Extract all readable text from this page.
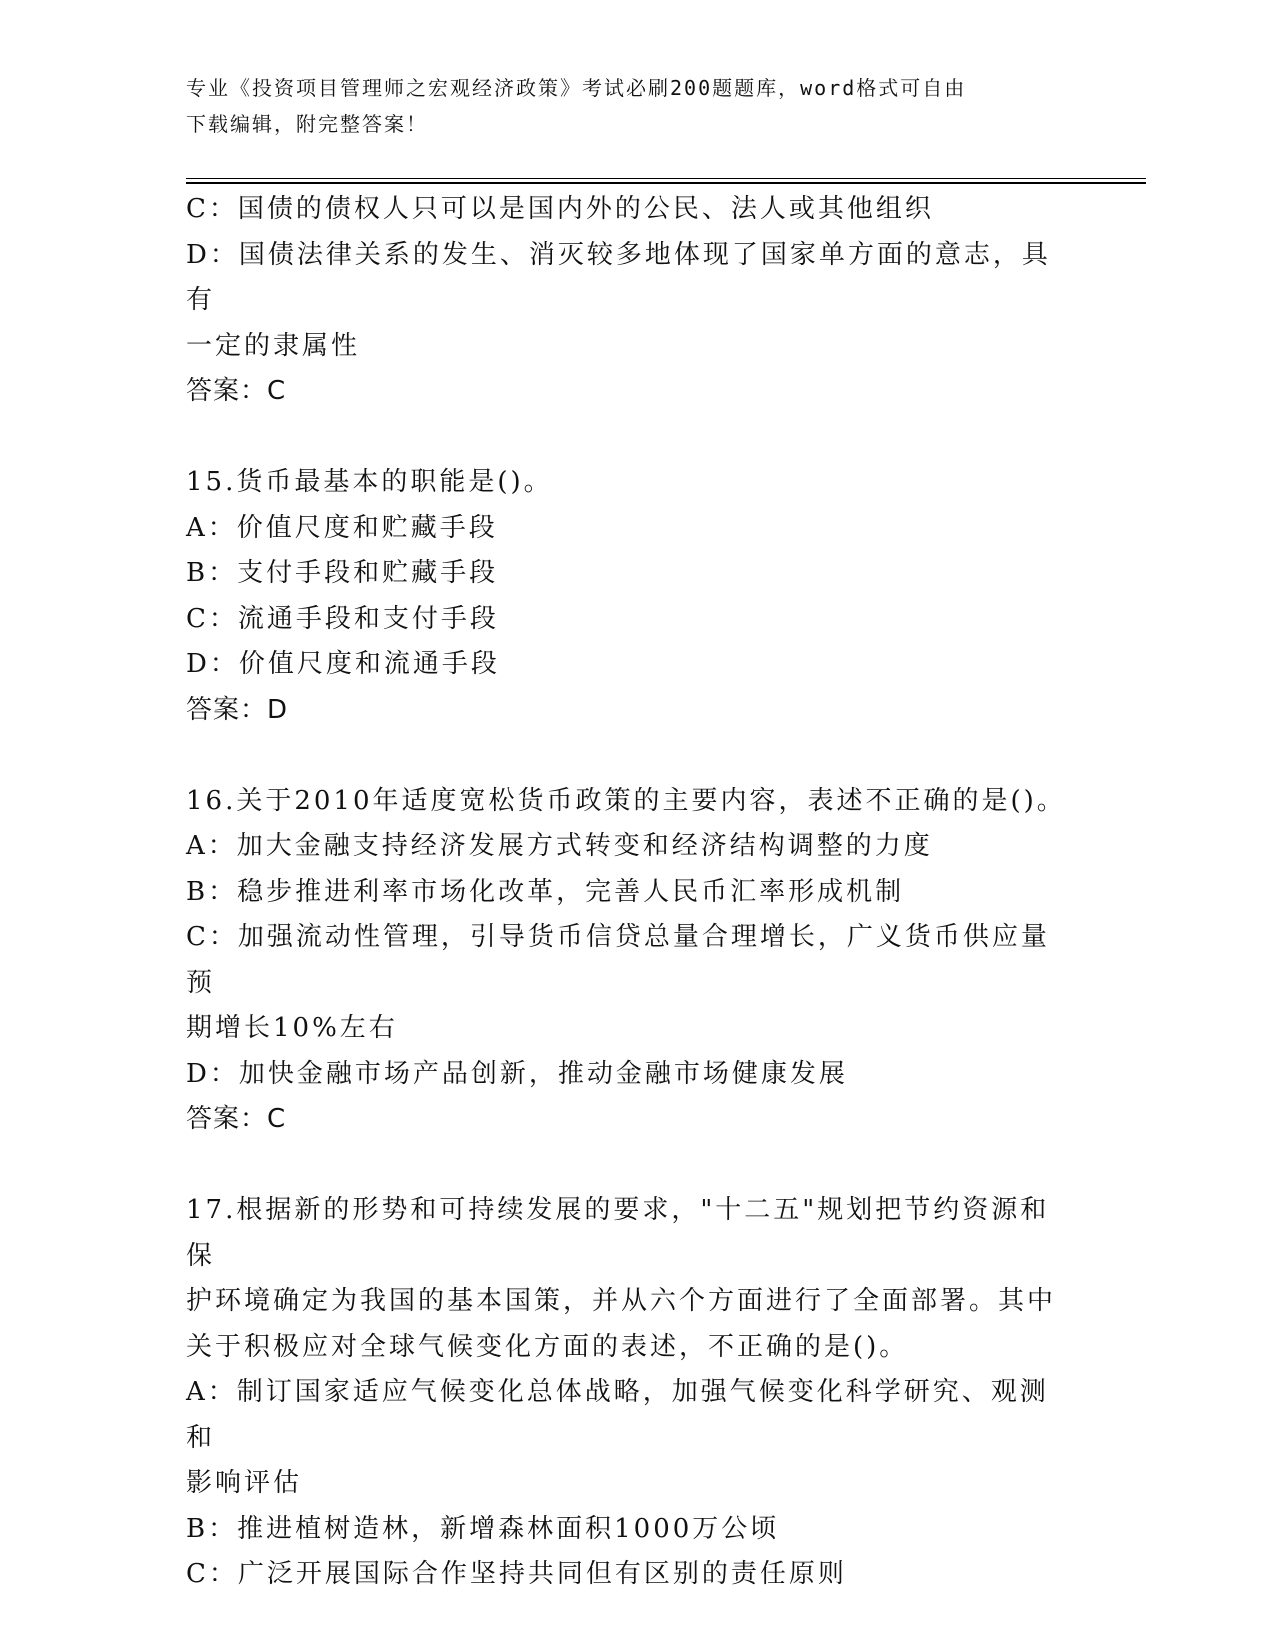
专业《投资项目管理师之宏观经济政策》考试必刷200题题库，word格式可自由
下载编辑，附完整答案！
C：国债的债权人只可以是国内外的公民、法人或其他组织
D：国债法律关系的发生、消灭较多地体现了国家单方面的意志，具有
一定的隶属性
答案：C
15.货币最基本的职能是()。
A：价值尺度和贮藏手段
B：支付手段和贮藏手段
C：流通手段和支付手段
D：价值尺度和流通手段
答案：D
16.关于2010年适度宽松货币政策的主要内容，表述不正确的是()。
A：加大金融支持经济发展方式转变和经济结构调整的力度
B：稳步推进利率市场化改革，完善人民币汇率形成机制
C：加强流动性管理，引导货币信贷总量合理增长，广义货币供应量预
期增长10%左右
D：加快金融市场产品创新，推动金融市场健康发展
答案：C
17.根据新的形势和可持续发展的要求，"十二五"规划把节约资源和保
护环境确定为我国的基本国策，并从六个方面进行了全面部署。其中
关于积极应对全球气候变化方面的表述，不正确的是()。
A：制订国家适应气候变化总体战略，加强气候变化科学研究、观测和
影响评估
B：推进植树造林，新增森林面积1000万公顷
C：广泛开展国际合作坚持共同但有区别的责任原则
